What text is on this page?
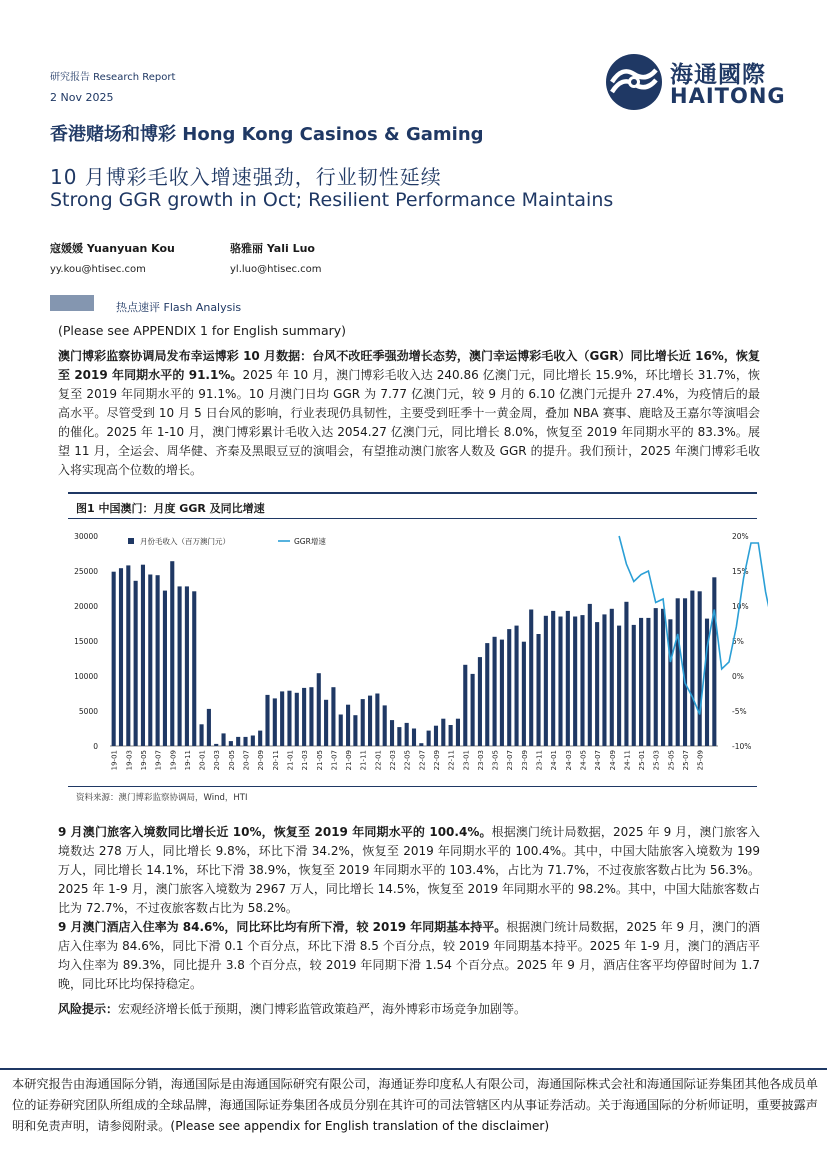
研究报告 Research Report
2 Nov 2025
海通國際
HAITONG
香港赌场和博彩 Hong Kong Casinos & Gaming
10 月博彩毛收入增速强劲，行业韧性延续
Strong GGR growth in Oct; Resilient Performance Maintains
寇媛媛 Yuanyuan Kou
yy.kou@htisec.com
骆雅丽 Yali Luo
yl.luo@htisec.com
热点速评 Flash Analysis
(Please see APPENDIX 1 for English summary)
澳门博彩监察协调局发布幸运博彩 10 月数据：台风不改旺季强劲增长态势，澳门幸运博彩毛收入（GGR）同比增长近 16%，恢复至 2019 年同期水平的 91.1%。2025 年 10 月，澳门博彩毛收入达 240.86 亿澳门元，同比增长 15.9%，环比增长 31.7%，恢复至 2019 年同期水平的 91.1%。10 月澳门日均 GGR 为 7.77 亿澳门元，较 9 月的 6.10 亿澳门元提升 27.4%，为疫情后的最高水平。尽管受到 10 月 5 日台风的影响，行业表现仍具韧性，主要受到旺季十一黄金周，叠加 NBA 赛事、鹿晗及王嘉尔等演唱会的催化。2025 年 1-10 月，澳门博彩累计毛收入达 2054.27 亿澳门元，同比增长 8.0%，恢复至 2019 年同期水平的 83.3%。展望 11 月，全运会、周华健、齐秦及黑眼豆豆的演唱会，有望推动澳门旅客人数及 GGR 的提升。我们预计，2025 年澳门博彩毛收入将实现高个位数的增长。
图1 中国澳门：月度 GGR 及同比增速
0
5000
10000
15000
20000
25000
30000
-10%
-5%
0%
5%
10%
15%
20%
19-01 19-03 19-05 19-07 19-09 19-11 20-01 20-03 20-05 20-07 20-09 20-11 21-01 21-03 21-05 21-07 21-09 21-11 22-01 22-03 22-05 22-07 22-09 22-11 23-01 23-03 23-05 23-07 23-09 23-11 24-01 24-03 24-05 24-07 24-09 24-11 25-01 25-03 25-05 25-07 25-09
月份毛收入（百万澳门元）	GGR增速
资料来源：澳门博彩监察协调局，Wind，HTI
9 月澳门旅客入境数同比增长近 10%，恢复至 2019 年同期水平的 100.4%。根据澳门统计局数据，2025 年 9 月，澳门旅客入境数达 278 万人，同比增长 9.8%，环比下滑 34.2%，恢复至 2019 年同期水平的 100.4%。其中，中国大陆旅客入境数为 199 万人，同比增长 14.1%，环比下滑 38.9%，恢复至 2019 年同期水平的 103.4%，占比为 71.7%，不过夜旅客数占比为 56.3%。2025 年 1-9 月，澳门旅客入境数为 2967 万人，同比增长 14.5%，恢复至 2019 年同期水平的 98.2%。其中，中国大陆旅客数占比为 72.7%，不过夜旅客数占比为 58.2%。
9 月澳门酒店入住率为 84.6%，同比环比均有所下滑，较 2019 年同期基本持平。根据澳门统计局数据，2025 年 9 月，澳门的酒店入住率为 84.6%，同比下滑 0.1 个百分点，环比下滑 8.5 个百分点，较 2019 年同期基本持平。2025 年 1-9 月，澳门的酒店平均入住率为 89.3%，同比提升 3.8 个百分点，较 2019 年同期下滑 1.54 个百分点。2025 年 9 月，酒店住客平均停留时间为 1.7 晚，同比环比均保持稳定。
风险提示：宏观经济增长低于预期，澳门博彩监管政策趋严，海外博彩市场竞争加剧等。
本研究报告由海通国际分销，海通国际是由海通国际研究有限公司，海通证券印度私人有限公司，海通国际株式会社和海通国际证券集团其他各成员单位的证券研究团队所组成的全球品牌，海通国际证券集团各成员分别在其许可的司法管辖区内从事证券活动。关于海通国际的分析师证明，重要披露声明和免责声明，请参阅附录。(Please see appendix for English translation of the disclaimer)
